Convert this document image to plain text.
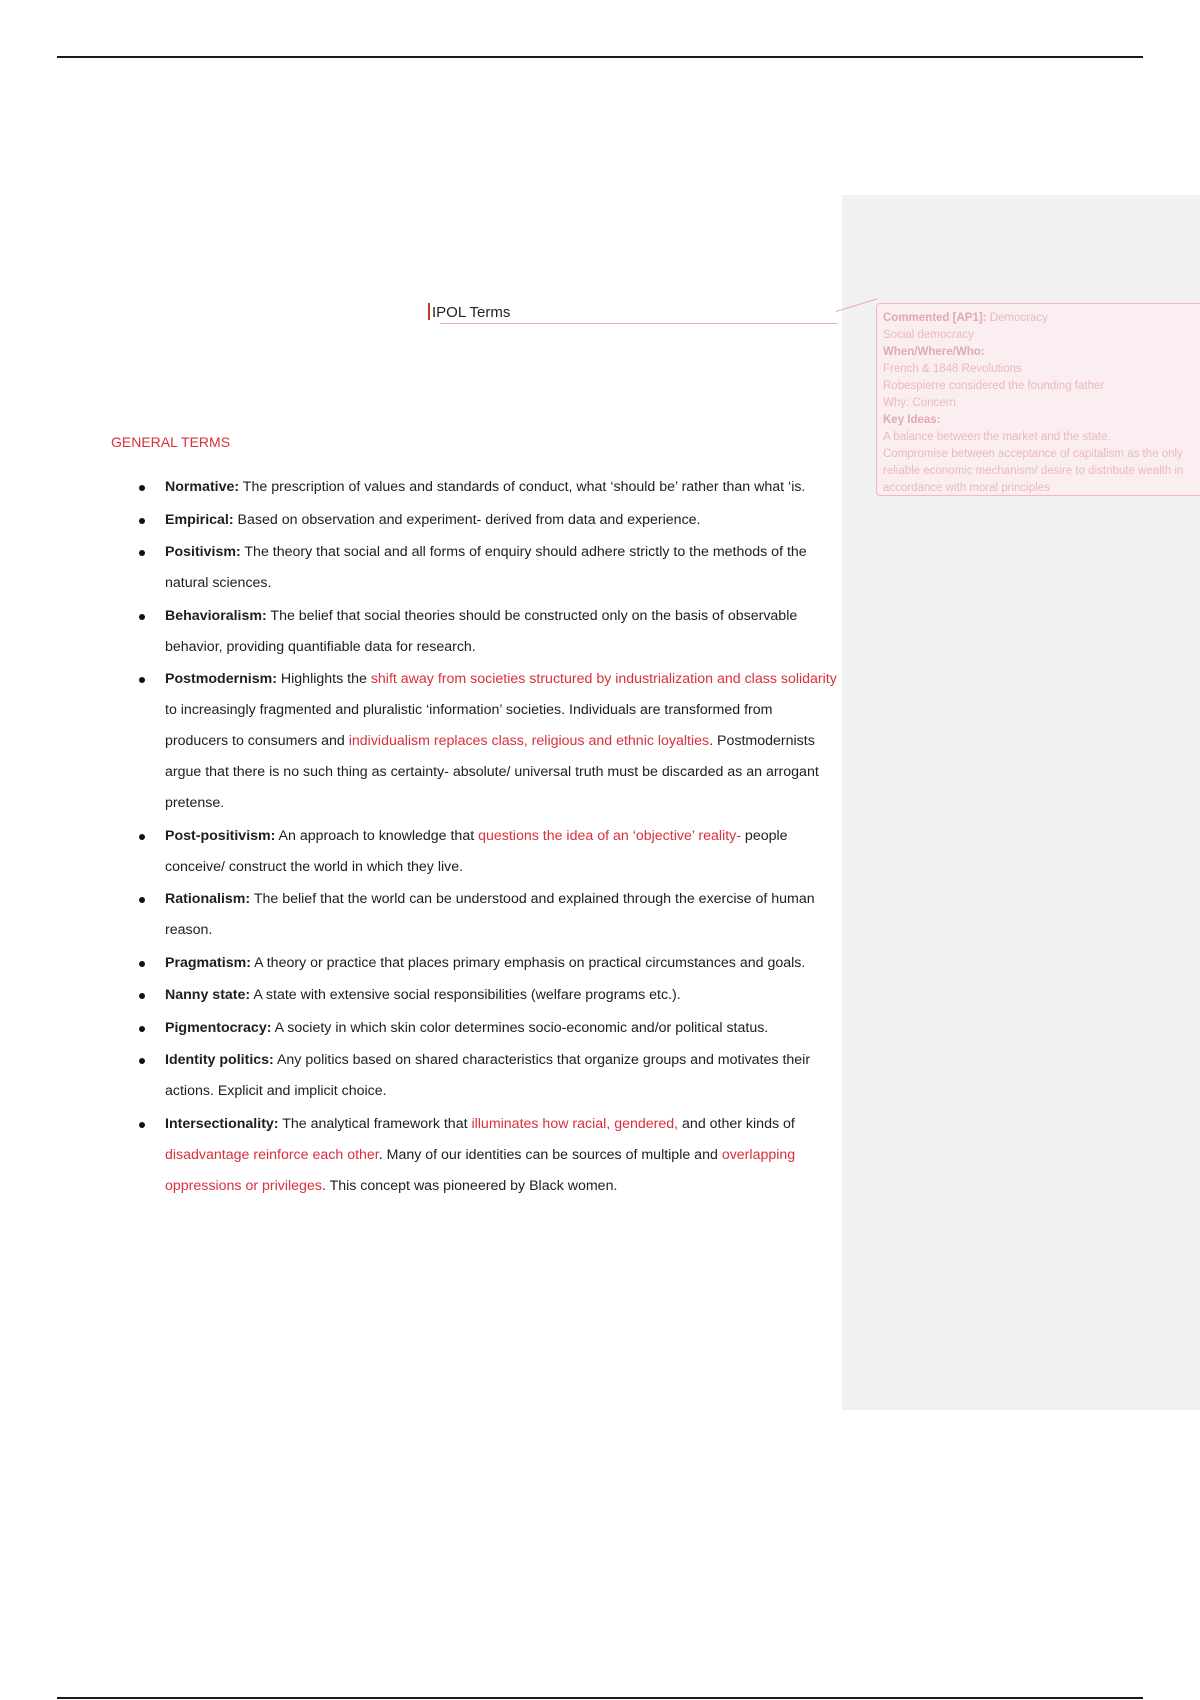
IPOL Terms	Commented [AP1]: Democracy
Social democracy
When/Where/Who:
French & 1848 Revolutions
Robespierre considered the founding father
Why: Concern
Key Ideas:
A balance between the market and the state.
Compromise between acceptance of capitalism as the only
reliable economic mechanism/ desire to distribute wealth in
accordance with moral principles
GENERAL TERMS
Normative: The prescription of values and standards of conduct, what ‘should be’ rather than what ‘is.
Empirical: Based on observation and experiment- derived from data and experience.
Positivism: The theory that social and all forms of enquiry should adhere strictly to the methods of the natural sciences.
Behavioralism: The belief that social theories should be constructed only on the basis of observable behavior, providing quantifiable data for research.
Postmodernism: Highlights the shift away from societies structured by industrialization and class solidarity to increasingly fragmented and pluralistic ‘information’ societies. Individuals are transformed from producers to consumers and individualism replaces class, religious and ethnic loyalties. Postmodernists argue that there is no such thing as certainty- absolute/ universal truth must be discarded as an arrogant pretense.
Post-positivism: An approach to knowledge that questions the idea of an ‘objective’ reality- people conceive/ construct the world in which they live.
Rationalism: The belief that the world can be understood and explained through the exercise of human reason.
Pragmatism: A theory or practice that places primary emphasis on practical circumstances and goals.
Nanny state: A state with extensive social responsibilities (welfare programs etc.).
Pigmentocracy: A society in which skin color determines socio-economic and/or political status.
Identity politics: Any politics based on shared characteristics that organize groups and motivates their actions. Explicit and implicit choice.
Intersectionality: The analytical framework that illuminates how racial, gendered, and other kinds of disadvantage reinforce each other. Many of our identities can be sources of multiple and overlapping oppressions or privileges. This concept was pioneered by Black women.
